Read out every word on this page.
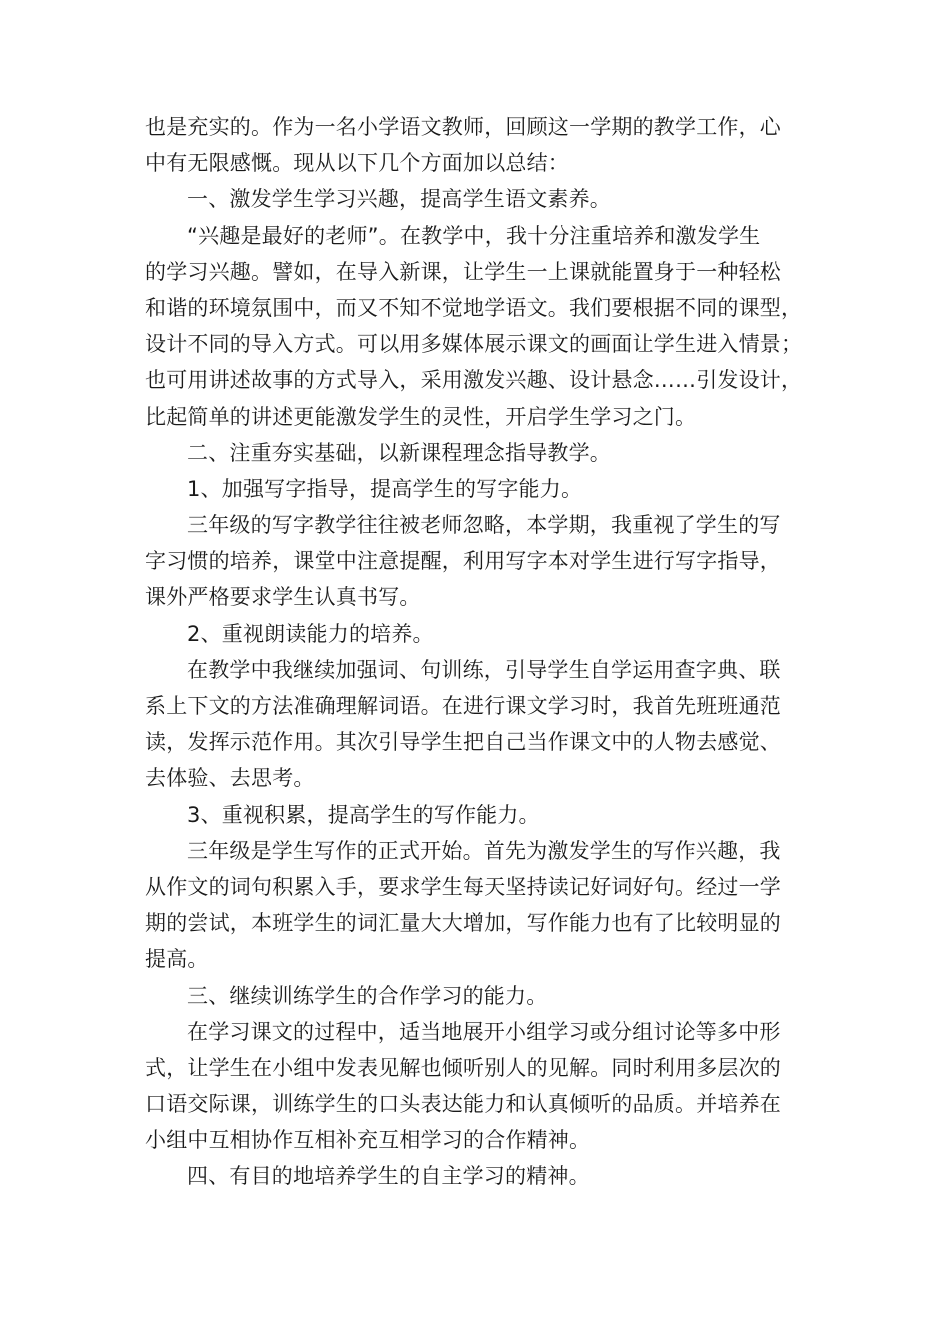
也是充实的。作为一名小学语文教师，回顾这一学期的教学工作，心
中有无限感慨。现从以下几个方面加以总结：
一、激发学生学习兴趣，提高学生语文素养。
“兴趣是最好的老师”。在教学中，我十分注重培养和激发学生
的学习兴趣。譬如，在导入新课，让学生一上课就能置身于一种轻松
和谐的环境氛围中，而又不知不觉地学语文。我们要根据不同的课型，
设计不同的导入方式。可以用多媒体展示课文的画面让学生进入情景；
也可用讲述故事的方式导入，采用激发兴趣、设计悬念……引发设计，
比起简单的讲述更能激发学生的灵性，开启学生学习之门。
二、注重夯实基础，以新课程理念指导教学。
1、加强写字指导，提高学生的写字能力。
三年级的写字教学往往被老师忽略，本学期，我重视了学生的写
字习惯的培养，课堂中注意提醒，利用写字本对学生进行写字指导，
课外严格要求学生认真书写。
2、重视朗读能力的培养。
在教学中我继续加强词、句训练，引导学生自学运用查字典、联
系上下文的方法准确理解词语。在进行课文学习时，我首先班班通范
读，发挥示范作用。其次引导学生把自己当作课文中的人物去感觉、
去体验、去思考。
3、重视积累，提高学生的写作能力。
三年级是学生写作的正式开始。首先为激发学生的写作兴趣，我
从作文的词句积累入手，要求学生每天坚持读记好词好句。经过一学
期的尝试，本班学生的词汇量大大增加，写作能力也有了比较明显的
提高。
三、继续训练学生的合作学习的能力。
在学习课文的过程中，适当地展开小组学习或分组讨论等多中形
式，让学生在小组中发表见解也倾听别人的见解。同时利用多层次的
口语交际课，训练学生的口头表达能力和认真倾听的品质。并培养在
小组中互相协作互相补充互相学习的合作精神。
四、有目的地培养学生的自主学习的精神。
